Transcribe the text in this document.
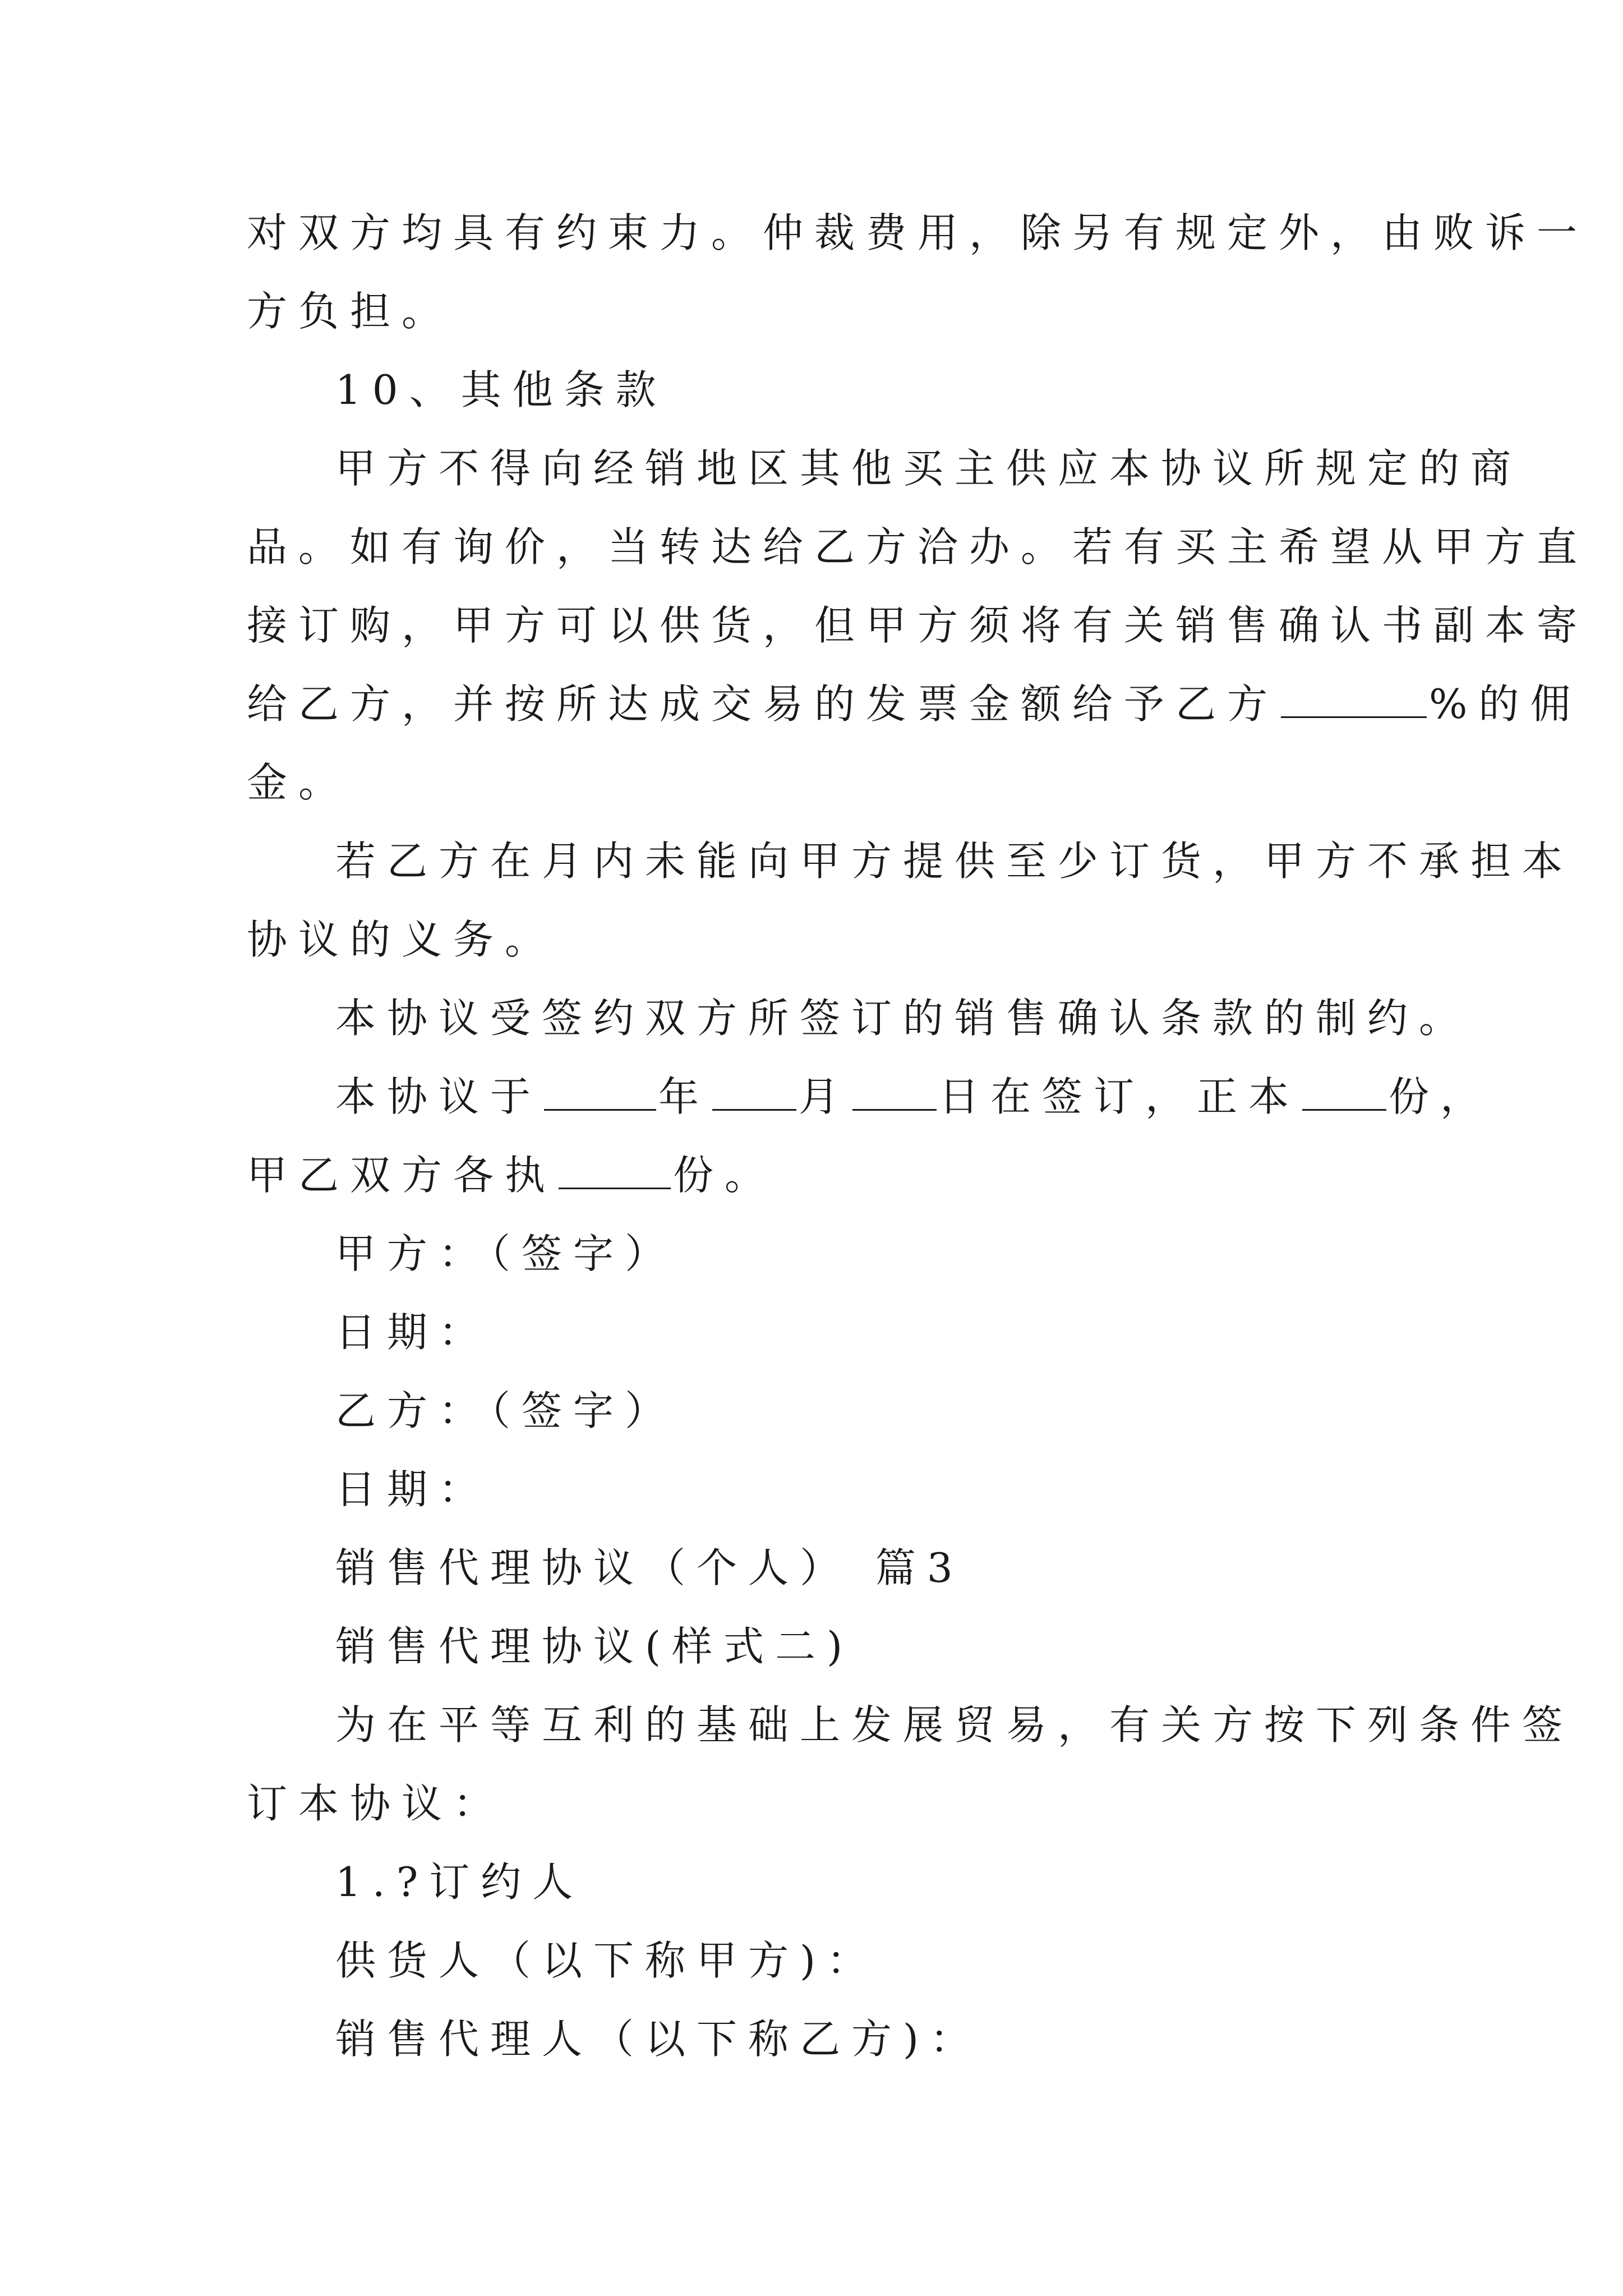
对双方均具有约束力。仲裁费用，除另有规定外，由败诉一
方负担。
10、其他条款
甲方不得向经销地区其他买主供应本协议所规定的商
品。如有询价，当转达给乙方洽办。若有买主希望从甲方直
接订购，甲方可以供货，但甲方须将有关销售确认书副本寄
给乙方，并按所达成交易的发票金额给予乙方	%的佣
金。
若乙方在月内未能向甲方提供至少订货，甲方不承担本
协议的义务。
本协议受签约双方所签订的销售确认条款的制约。
本协议于	年 月 日在签订，正本 份，
甲乙双方各执	份。
甲方：（签字）
日期：
乙方：（签字）
日期：
销售代理协议（个人） 篇3
销售代理协议(样式二)
为在平等互利的基础上发展贸易，有关方按下列条件签
订本协议：
1.?订约人
供货人（以下称甲方)：
销售代理人（以下称乙方)：
